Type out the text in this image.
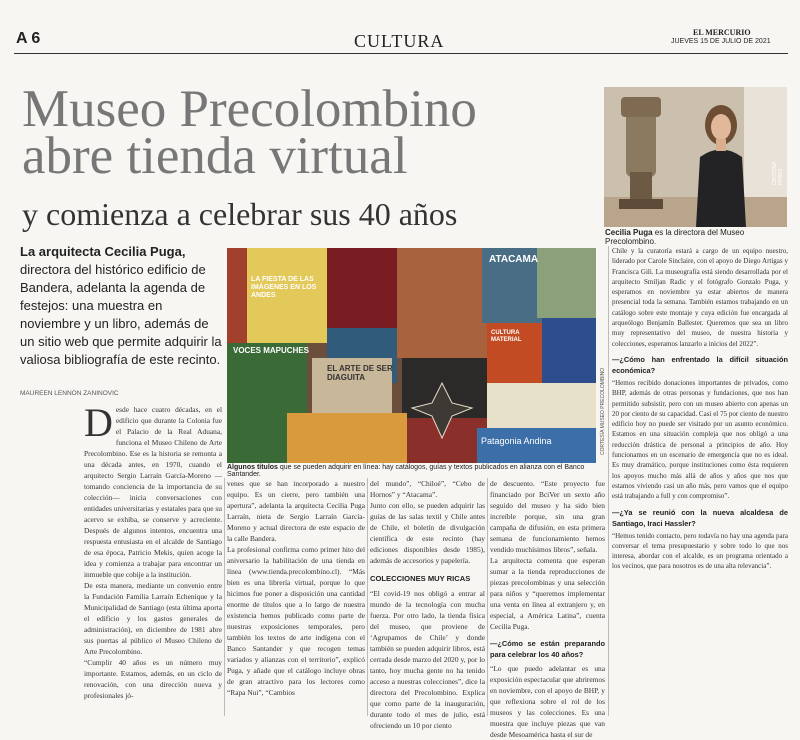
A 6	CULTURA	EL MERCURIO
JUEVES 15 DE JULIO DE 2021
Museo Precolombino
abre tienda virtual
y comienza a celebrar sus 40 años
CRISTINA PRATS
Cecilia Puga es la directora del Museo Precolombino.
La arquitecta Cecilia Puga, directora del histórico edificio de Bandera, adelanta la agenda de festejos: una muestra en noviembre y un libro, además de un sitio web que permite adquirir la valiosa bibliografía de este recinto.
MAUREEN LENNON ZANINOVIC
LA FIESTA DE LAS IMÁGENES EN LOS ANDES
VOCES MAPUCHES
ATACAMA
EL ARTE DE SER DIAGUITA
Patagonia Andina
CULTURA MATERIAL
CORTESÍA MUSEO PRECOLOMBINO
Algunos títulos que se pueden adquirir en línea: hay catálogos, guías y textos publicados en alianza con el Banco Santander.
Desde hace cuatro décadas, en el edificio que durante la Colonia fue el Palacio de la Real Aduana, funciona el Museo Chileno de Arte Precolombino. Ese es la historia se remonta a una década antes, en 1970, cuando el arquitecto Sergio Larraín García-Moreno —tomando conciencia de la importancia de su colección— inicia conversaciones con entidades universitarias y estatales para que su acervo se exhiba, se conserve y acreciente. Después de algunos intentos, encuentra una respuesta entusiasta en el alcalde de Santiago de esa época, Patricio Mekis, quien acoge la idea y comienza a trabajar para encontrar un inmueble que cobije a la institución.
De esta manera, mediante un convenio entre la Fundación Familia Larraín Echenique y la Municipalidad de Santiago (esta última aporta el edificio y los gastos generales de administración), en diciembre de 1981 abre sus puertas al público el Museo Chileno de Arte Precolombino.
“Cumplir 40 años es un número muy importante. Estamos, además, en un ciclo de renovación, con una dirección nueva y profesionales jó-
venes que se han incorporado a nuestro equipo. Es un cierre, pero también una apertura”, adelanta la arquitecta Cecilia Puga Larraín, nieta de Sergio Larraín García-Moreno y actual directora de este espacio de la calle Bandera.
La profesional confirma como primer hito del aniversario la habilitación de una tienda en línea (www.tienda.precolombino.cl). “Más bien es una librería virtual, porque lo que hicimos fue poner a disposición una cantidad enorme de títulos que a lo largo de nuestra existencia hemos publicado como parte de nuestras exposiciones temporales, pero también los textos de arte indígena con el Banco Santander y que recogen temas variados y alianzas con el territorio”, explicó Puga, y añade que el catálogo incluye obras de gran atractivo para los lectores como “Rapa Nui”, “Cambios

del mundo”, “Chiloé”, “Cebo de Hornos” y “Atacama”.
Junto con ello, se pueden adquirir las guías de las salas textil y Chile antes de Chile, el boletín de divulgación científica de este recinto (hay ediciones disponibles desde 1985), además de accesorios y papelería.

COLECCIONES MUY RICAS

“El covid-19 nos obligó a entrar al mundo de la tecnología con mucha fuerza. Por otro lado, la tienda física del museo, que proviene de ‘Agrupamos de Chile’ y donde también se pueden adquirir libros, está cerrada desde marzo del 2020 y, por lo tanto, hoy mucha gente no ha tenido acceso a nuestras colecciones”, dice la directora del Precolombino. Explica que como parte de la inauguración, durante todo el mes de julio, está ofreciendo un 10 por ciento

de descuento. “Este proyecto fue financiado por BciVer un sexto año seguido del museo y ha sido bien increíble porque, sin una gran campaña de difusión, en esta primera semana de funcionamiento hemos vendido muchísimos libros”, señala.
La arquitecta comenta que esperan sumar a la tienda reproducciones de piezas precolombinas y una selección para niños y “queremos implementar una venta en línea al extranjero y, en especial, a América Latina”, cuenta Cecilia Puga.

—¿Cómo se están preparando para celebrar los 40 años?

“Lo que puedo adelantar es una exposición espectacular que abriremos en noviembre, con el apoyo de BHP, y que reflexiona sobre el rol de los museos y las colecciones. Es una muestra que incluye piezas que van desde Mesoamérica hasta el sur de

Chile y la curatoría estará a cargo de un equipo nuestro, liderado por Carole Sinclaire, con el apoyo de Diego Artigas y Francisca Gili. La museografía está siendo desarrollada por el arquitecto Smiljan Radic y el fotógrafo Gonzalo Puga, y esperamos en noviembre ya estar abiertos de manera presencial toda la semana. También estamos trabajando en un catálogo sobre este montaje y cuya edición fue encargada al arqueólogo Benjamín Ballester. Queremos que sea un libro muy representativo del museo, de nuestra historia y colecciones, esperamos lanzarlo a inicios del 2022”.

—¿Cómo han enfrentado la difícil situación económica?

“Hemos recibido donaciones importantes de privados, como BHP, además de otras personas y fundaciones, que nos han permitido subsistir, pero con un museo abierto con apenas un 20 por ciento de su capacidad. Casi el 75 por ciento de nuestro edificio hoy no puede ser visitado por un asunto económico. Estamos en una situación compleja que nos obligó a una reducción drástica de personal a principios de año. Hoy funcionamos en un escenario de emergencia que no es ideal. Es muy dramático, porque instituciones como ésta requieren los apoyos mucho más allá de años y años que nos que estamos viviendo casi un año más, pero vamos que el equipo está trabajando a full y con compromiso”.

—¿Ya se reunió con la nueva alcaldesa de Santiago, Iraci Hassler?

“Hemos tenido contacto, pero todavía no hay una agenda para conversar el tema presupuestario y sobre todo lo que nos interesa, abordar con el alcalde, es un programa orientado a los vecinos, que para nosotros es de una alta relevancia”.
